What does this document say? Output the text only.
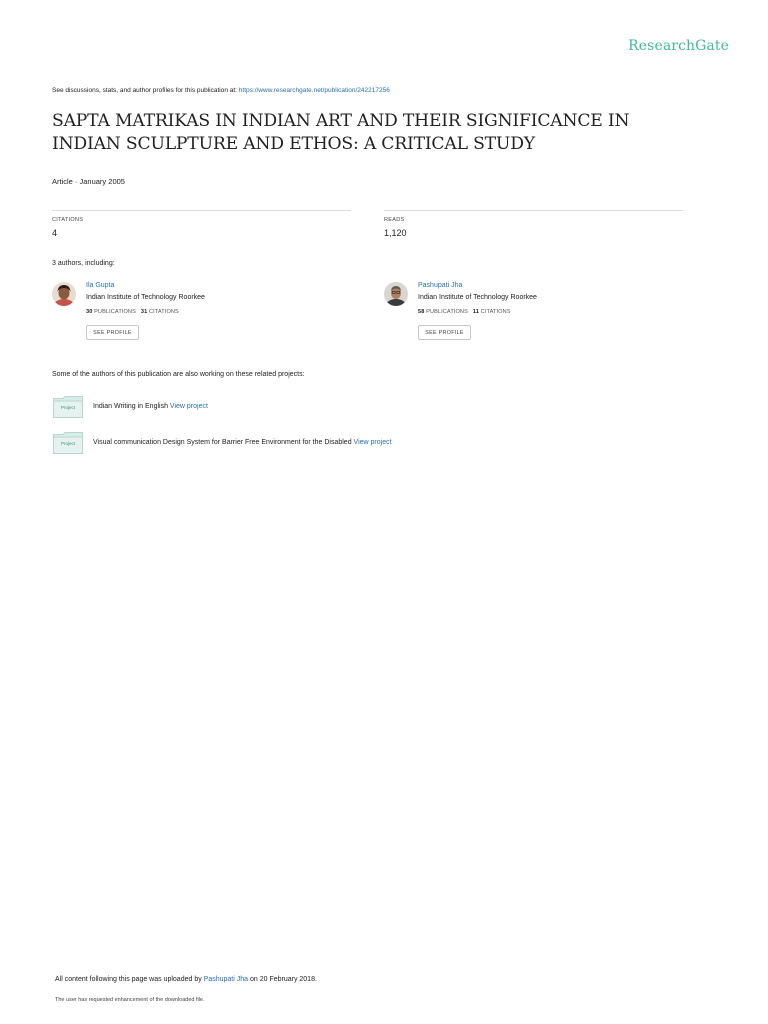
ResearchGate
See discussions, stats, and author profiles for this publication at: https://www.researchgate.net/publication/242217256
SAPTA MATRIKAS IN INDIAN ART AND THEIR SIGNIFICANCE IN INDIAN SCULPTURE AND ETHOS: A CRITICAL STUDY
Article · January 2005
CITATIONS
4
READS
1,120
3 authors, including:
Ila Gupta
Indian Institute of Technology Roorkee
30 PUBLICATIONS 31 CITATIONS
SEE PROFILE
Pashupati Jha
Indian Institute of Technology Roorkee
58 PUBLICATIONS 11 CITATIONS
SEE PROFILE
Some of the authors of this publication are also working on these related projects:
Project	Indian Writing in English View project
Project	Visual communication Design System for Barrier Free Environment for the Disabled View project
All content following this page was uploaded by Pashupati Jha on 20 February 2018.
The user has requested enhancement of the downloaded file.
